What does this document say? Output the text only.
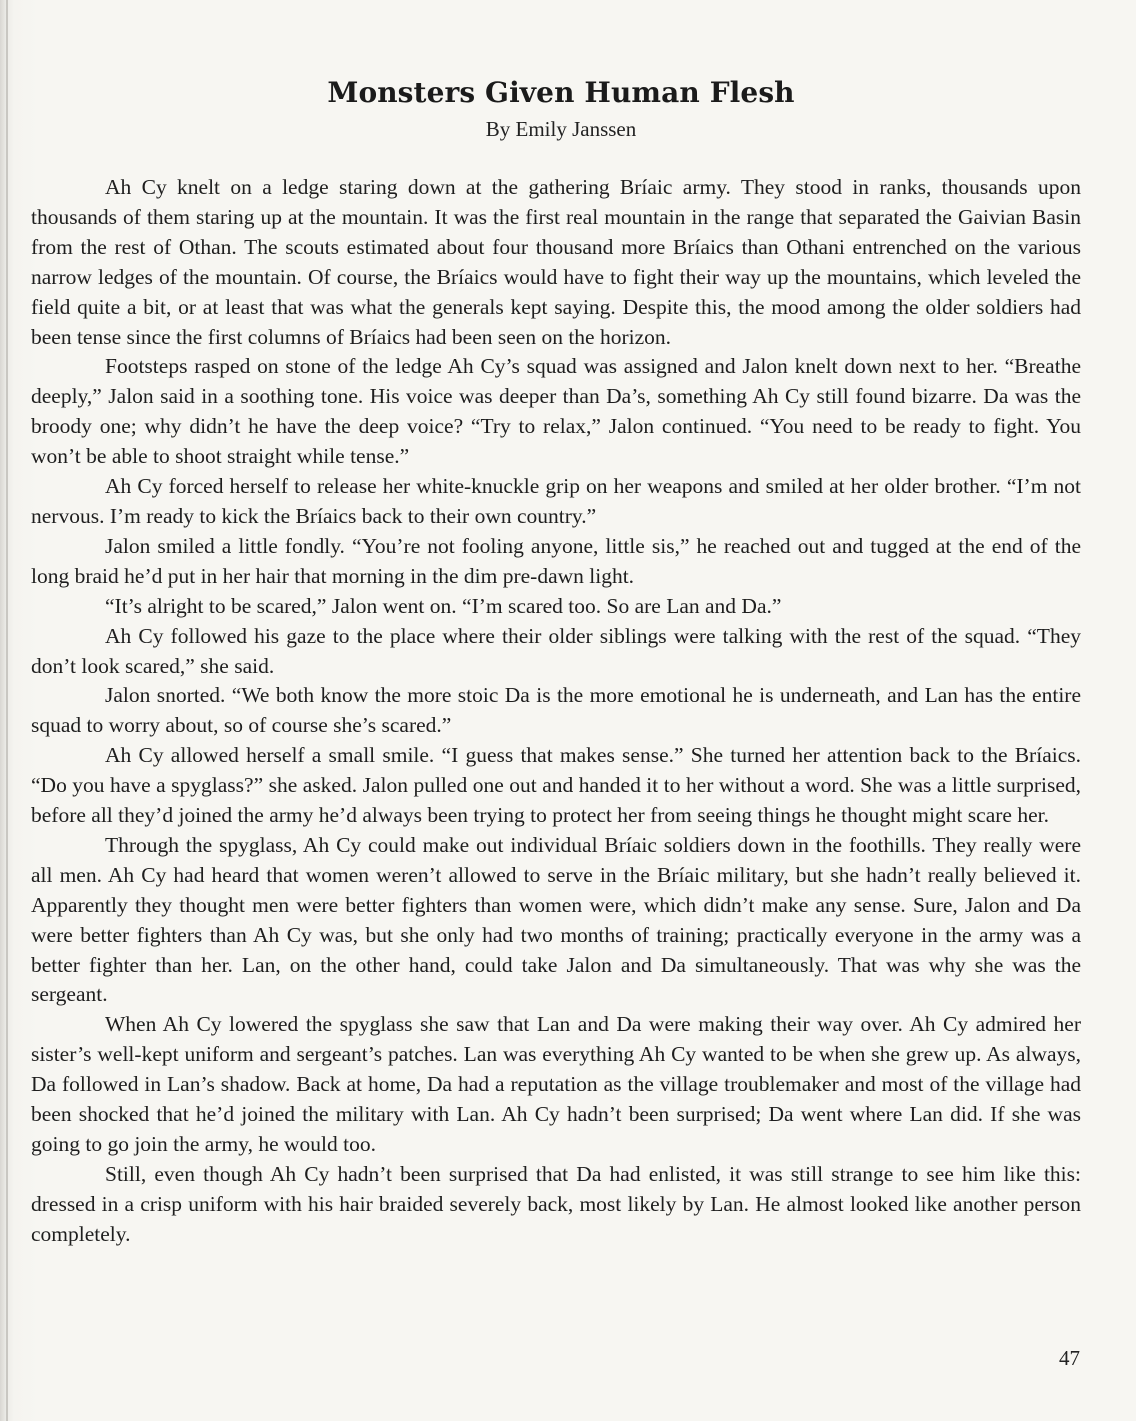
Monsters Given Human Flesh
By Emily Janssen

Ah Cy knelt on a ledge staring down at the gathering Bríaic army. They stood in ranks, thousands upon thousands of them staring up at the mountain. It was the first real mountain in the range that separated the Gaivian Basin from the rest of Othan. The scouts estimated about four thousand more Bríaics than Othani entrenched on the various narrow ledges of the mountain. Of course, the Bríaics would have to fight their way up the mountains, which leveled the field quite a bit, or at least that was what the generals kept saying. Despite this, the mood among the older soldiers had been tense since the first columns of Bríaics had been seen on the horizon.

Footsteps rasped on stone of the ledge Ah Cy’s squad was assigned and Jalon knelt down next to her. “Breathe deeply,” Jalon said in a soothing tone. His voice was deeper than Da’s, something Ah Cy still found bizarre. Da was the broody one; why didn’t he have the deep voice? “Try to relax,” Jalon continued. “You need to be ready to fight. You won’t be able to shoot straight while tense.”

Ah Cy forced herself to release her white-knuckle grip on her weapons and smiled at her older brother. “I’m not nervous. I’m ready to kick the Bríaics back to their own country.”

Jalon smiled a little fondly. “You’re not fooling anyone, little sis,” he reached out and tugged at the end of the long braid he’d put in her hair that morning in the dim pre-dawn light.

“It’s alright to be scared,” Jalon went on. “I’m scared too. So are Lan and Da.”

Ah Cy followed his gaze to the place where their older siblings were talking with the rest of the squad. “They don’t look scared,” she said.

Jalon snorted. “We both know the more stoic Da is the more emotional he is underneath, and Lan has the entire squad to worry about, so of course she’s scared.”

Ah Cy allowed herself a small smile. “I guess that makes sense.” She turned her attention back to the Bríaics. “Do you have a spyglass?” she asked. Jalon pulled one out and handed it to her without a word. She was a little surprised, before all they’d joined the army he’d always been trying to protect her from seeing things he thought might scare her.

Through the spyglass, Ah Cy could make out individual Bríaic soldiers down in the foothills. They really were all men. Ah Cy had heard that women weren’t allowed to serve in the Bríaic military, but she hadn’t really believed it. Apparently they thought men were better fighters than women were, which didn’t make any sense. Sure, Jalon and Da were better fighters than Ah Cy was, but she only had two months of training; practically everyone in the army was a better fighter than her. Lan, on the other hand, could take Jalon and Da simultaneously. That was why she was the sergeant.

When Ah Cy lowered the spyglass she saw that Lan and Da were making their way over. Ah Cy admired her sister’s well-kept uniform and sergeant’s patches. Lan was everything Ah Cy wanted to be when she grew up. As always, Da followed in Lan’s shadow. Back at home, Da had a reputation as the village troublemaker and most of the village had been shocked that he’d joined the military with Lan. Ah Cy hadn’t been surprised; Da went where Lan did. If she was going to go join the army, he would too.

Still, even though Ah Cy hadn’t been surprised that Da had enlisted, it was still strange to see him like this: dressed in a crisp uniform with his hair braided severely back, most likely by Lan. He almost looked like another person completely.

47
